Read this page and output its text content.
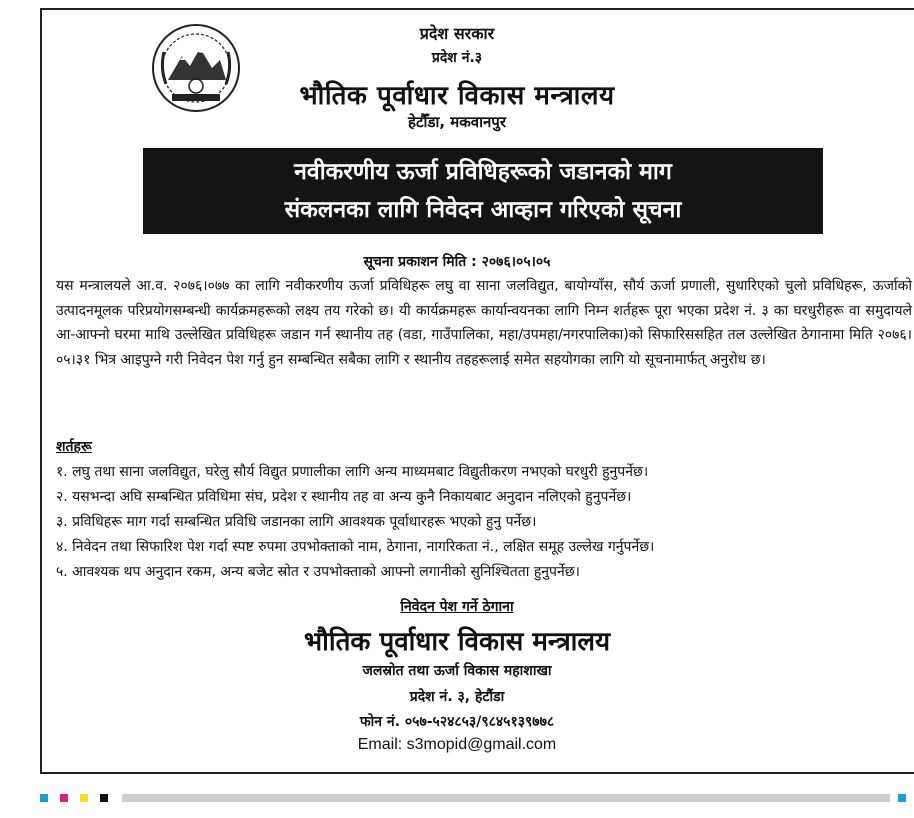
प्रदेश सरकार
प्रदेश नं.३
भौतिक पूर्वाधार विकास मन्त्रालय
हेटौँडा, मकवानपुर
नवीकरणीय ऊर्जा प्रविधिहरूको जडानको माग
संकलनका लागि निवेदन आव्हान गरिएको सूचना
सूचना प्रकाशन मिति : २०७६।०५।०५

यस मन्त्रालयले आ.व. २०७६।०७७ का लागि नवीकरणीय ऊर्जा प्रविधिहरू लघु वा साना जलविद्युत, बायोग्याँस, सौर्य ऊर्जा प्रणाली, सुधारिएको चुलो प्रविधिहरू, ऊर्जाको उत्पादनमूलक परिप्रयोगसम्बन्धी कार्यक्रमहरूको लक्ष्य तय गरेको छ। यी कार्यक्रमहरू कार्यान्वयनका लागि निम्न शर्तहरू पूरा भएका प्रदेश नं. ३ का घरधुरीहरू वा समुदायले आ-आफ्नो घरमा माथि उल्लेखित प्रविधिहरू जडान गर्न स्थानीय तह (वडा, गाउँपालिका, महा/उपमहा/नगरपालिका)को सिफारिससहित तल उल्लेखित ठेगानामा मिति २०७६।०५।३१ भित्र आइपुग्ने गरी निवेदन पेश गर्नु हुन सम्बन्धित सबैका लागि र स्थानीय तहहरूलाई समेत सहयोगका लागि यो सूचनामार्फत् अनुरोध छ।

शर्तहरू
१. लघु तथा साना जलविद्युत, घरेलु सौर्य विद्युत प्रणालीका लागि अन्य माध्यमबाट विद्युतीकरण नभएको घरधुरी हुनुपर्नेछ।
२. यसभन्दा अघि सम्बन्धित प्रविधिमा संघ, प्रदेश र स्थानीय तह वा अन्य कुनै निकायबाट अनुदान नलिएको हुनुपर्नेछ।
३. प्रविधिहरू माग गर्दा सम्बन्धित प्रविधि जडानका लागि आवश्यक पूर्वाधारहरू भएको हुनु पर्नेछ।
४. निवेदन तथा सिफारिश पेश गर्दा स्पष्ट रुपमा उपभोक्ताको नाम, ठेगाना, नागरिकता नं., लक्षित समूह उल्लेख गर्नुपर्नेछ।
५. आवश्यक थप अनुदान रकम, अन्य बजेट स्रोत र उपभोक्ताको आफ्नो लगानीको सुनिश्चितता हुनुपर्नेछ।
निवेदन पेश गर्ने ठेगाना
भौतिक पूर्वाधार विकास मन्त्रालय
जलस्रोत तथा ऊर्जा विकास महाशाखा
प्रदेश नं. ३, हेटौंडा
फोन नं. ०५७-५२४८५३/९८४५१३९७७८
Email: s3mopid@gmail.com
